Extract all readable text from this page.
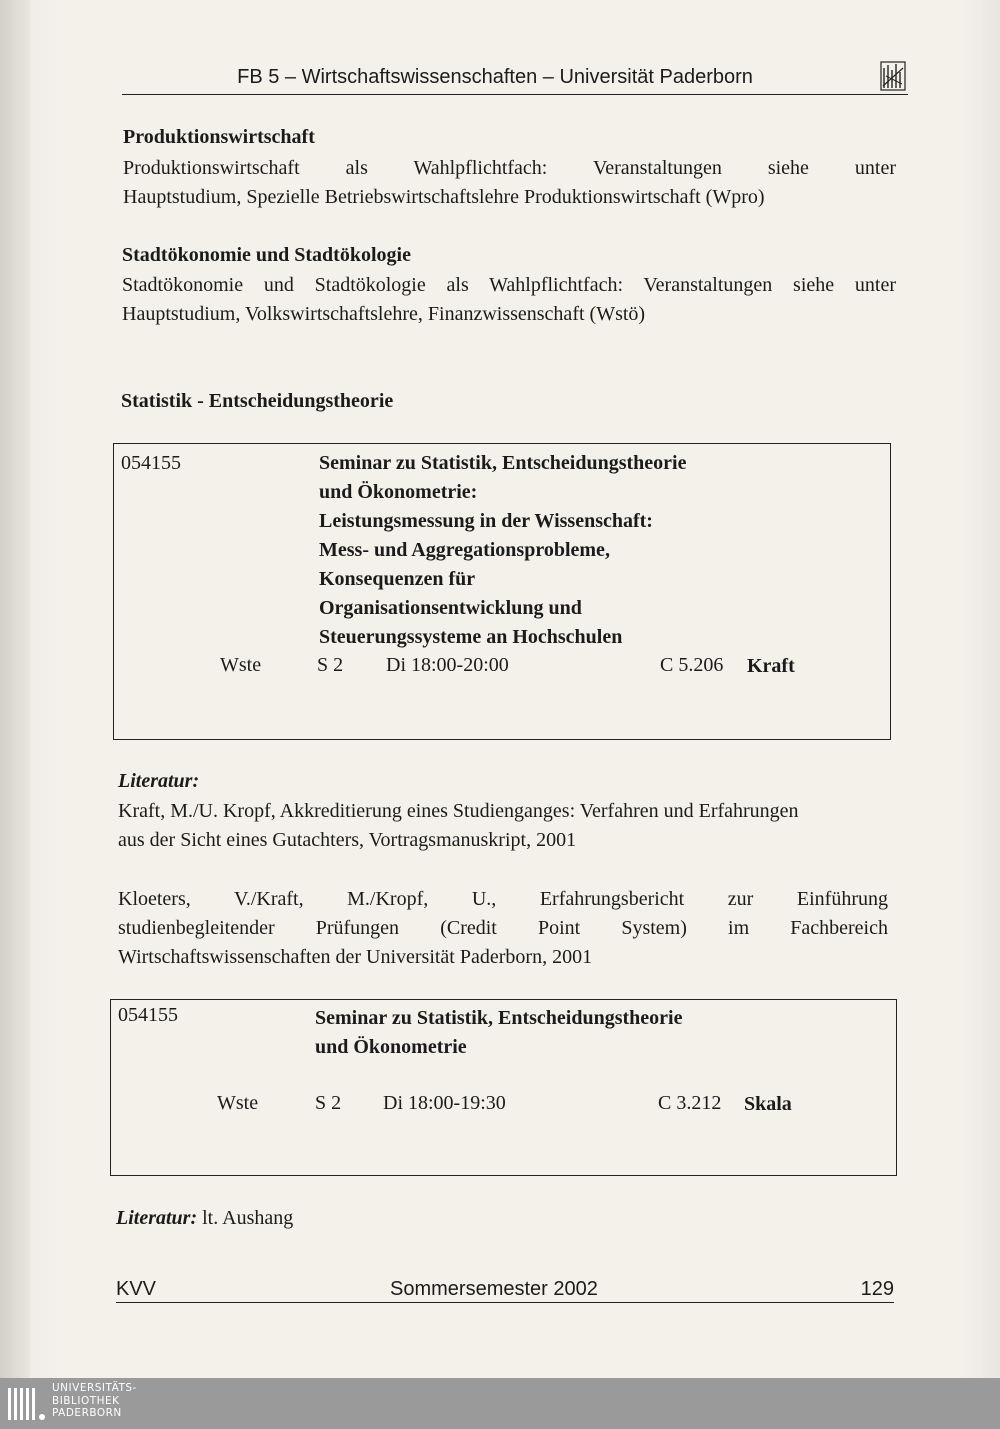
FB 5 – Wirtschaftswissenschaften – Universität Paderborn
Produktionswirtschaft
Produktionswirtschaft als Wahlpflichtfach: Veranstaltungen siehe unter
Hauptstudium, Spezielle Betriebswirtschaftslehre Produktionswirtschaft (Wpro)
Stadtökonomie und Stadtökologie
Stadtökonomie und Stadtökologie als Wahlpflichtfach: Veranstaltungen siehe unter
Hauptstudium, Volkswirtschaftslehre, Finanzwissenschaft (Wstö)
Statistik - Entscheidungstheorie
054155	Seminar zu Statistik, Entscheidungstheorie
und Ökonometrie:
Leistungsmessung in der Wissenschaft:
Mess- und Aggregationsprobleme,
Konsequenzen für
Organisationsentwicklung und
Steuerungssysteme an Hochschulen
Wste	S 2 Di 18:00-20:00	C 5.206 Kraft
Literatur:
Kraft, M./U. Kropf, Akkreditierung eines Studienganges: Verfahren und Erfahrungen
aus der Sicht eines Gutachters, Vortragsmanuskript, 2001
Kloeters, V./Kraft, M./Kropf, U., Erfahrungsbericht zur Einführung
studienbegleitender Prüfungen (Credit Point System) im Fachbereich
Wirtschaftswissenschaften der Universität Paderborn, 2001
054155	Seminar zu Statistik, Entscheidungstheorie
und Ökonometrie
Wste	S 2 Di 18:00-19:30	C 3.212 Skala
Literatur: lt. Aushang
KVV	Sommersemester 2002	129
UNIVERSITÄTS-
BIBLIOTHEK
PADERBORN
